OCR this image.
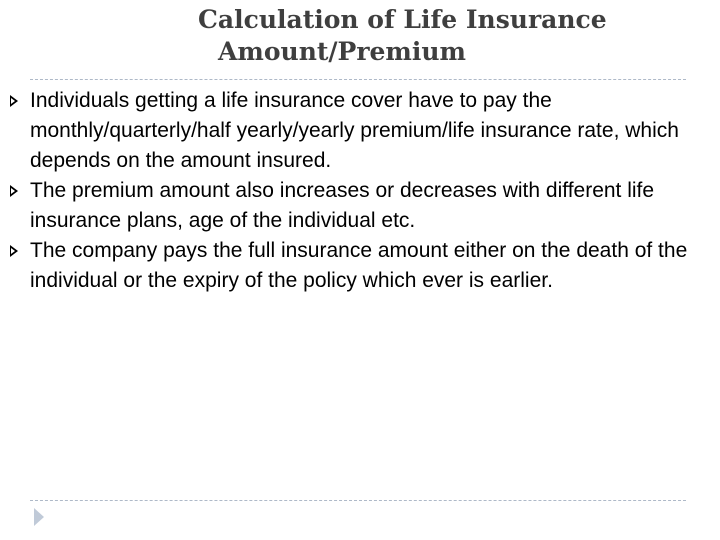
Calculation of Life Insurance
Amount/Premium
Individuals getting a life insurance cover have to pay the monthly/quarterly/half yearly/yearly premium/life insurance rate, which depends on the amount insured.
The premium amount also increases or decreases with different life insurance plans, age of the individual etc.
The company pays the full insurance amount either on the death of the individual or the expiry of the policy which ever is earlier.
